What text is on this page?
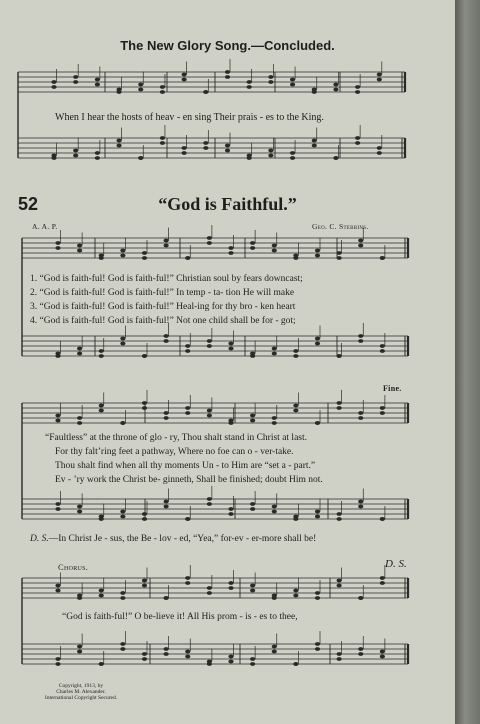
The New Glory Song.—Concluded.
When I hear the hosts of heav - en sing Their prais - es to the King.
52	“God is Faithful.”
A. A. P.	Geo. C. Stebbins.
1. “God is faith-ful! God is faith-ful!” Christian soul by fears downcast;
2. “God is faith-ful! God is faith-ful!” In temp - ta- tion He will make
3. “God is faith-ful! God is faith-ful!” Heal-ing for thy bro - ken heart
4. “God is faith-ful! God is faith-ful!” Not one child shall be for - got;
Fine.
“Faultless” at the throne of glo - ry, Thou shalt stand in Christ at last.
For thy falt’ring feet a pathway, Where no foe can o - ver-take.
Thou shalt find when all thy moments Un - to Him are “set a - part.”
Ev - ’ry work the Christ be- ginneth, Shall be finished; doubt Him not.
D. S.—In Christ Je - sus, the Be - lov - ed, “Yea,” for-ev - er-more shall be!
Chorus.	D. S.
“God is faith-ful!” O be-lieve it! All His prom - is - es to thee,
Copyright, 1913, by
Charles M. Alexander.
International Copyright Secured.
